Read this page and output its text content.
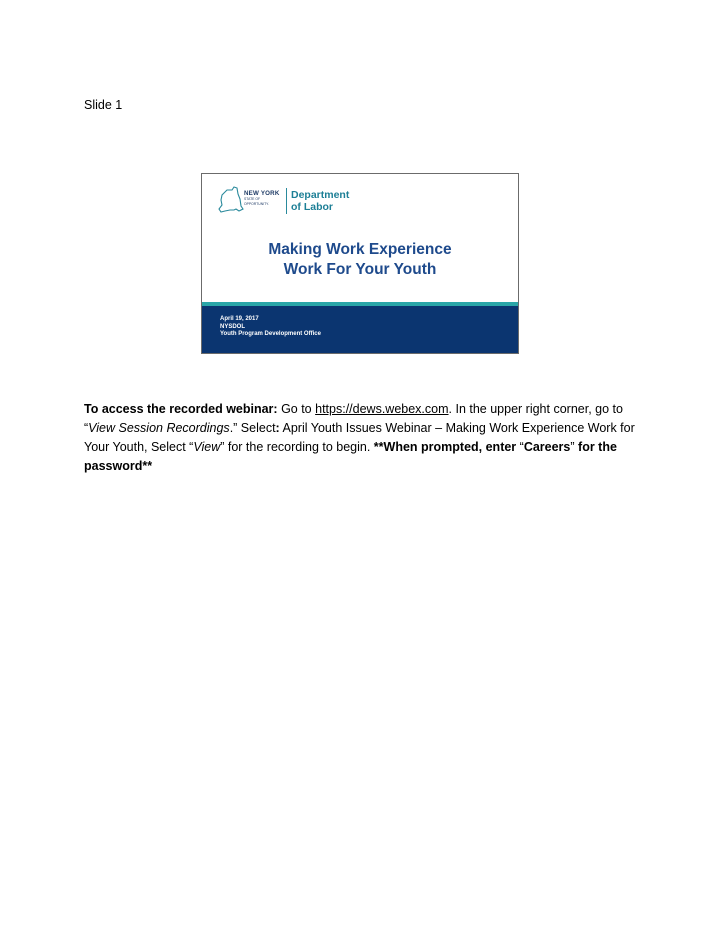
Slide 1
NEW YORK
STATE OF
OPPORTUNITY.
Department
of Labor
Making Work Experience
Work For Your Youth
April 19, 2017
NYSDOL
Youth Program Development Office
To access the recorded webinar: Go to https://dews.webex.com. In the upper right corner, go to “View Session Recordings.” Select: April Youth Issues Webinar – Making Work Experience Work for Your Youth, Select “View” for the recording to begin. **When prompted, enter “Careers” for the password**
